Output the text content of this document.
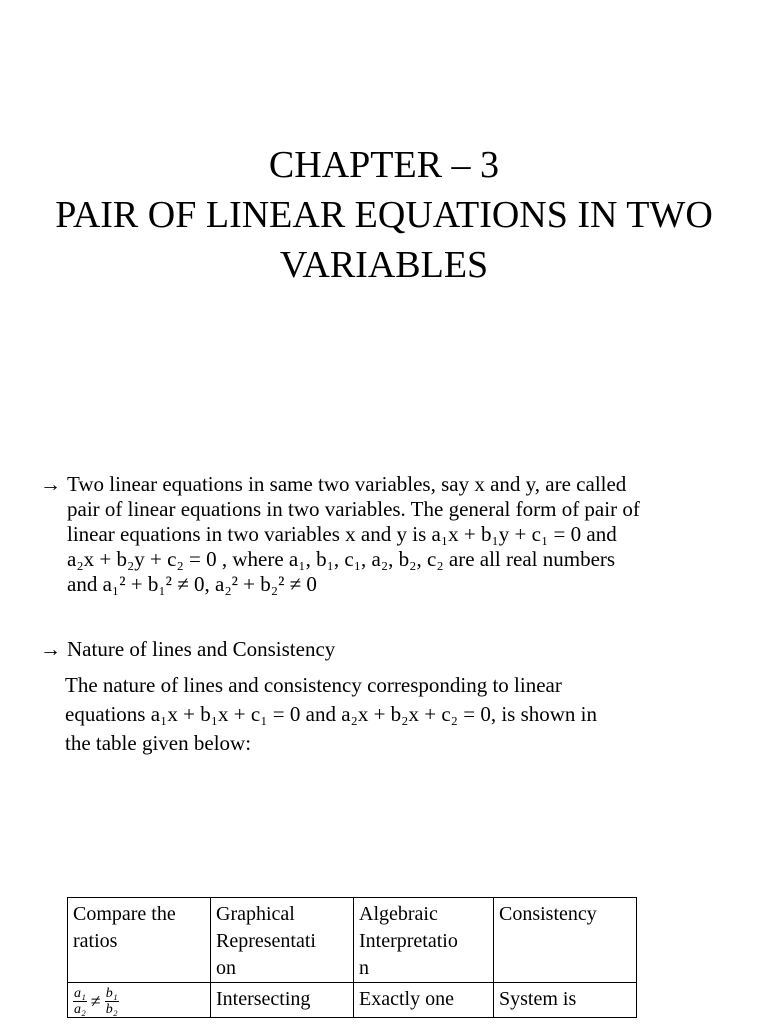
CHAPTER – 3
PAIR OF LINEAR EQUATIONS IN TWO
VARIABLES
→ Two linear equations in same two variables, say x and y, are called
pair of linear equations in two variables. The general form of pair of
linear equations in two variables x and y is a₁x + b₁y + c₁ = 0 and
a₂x + b₂y + c₂ = 0 , where a₁, b₁, c₁, a₂, b₂, c₂ are all real numbers
and a₁² + b₁² ≠ 0, a₂² + b₂² ≠ 0
→ Nature of lines and Consistency
The nature of lines and consistency corresponding to linear
equations a₁x + b₁x + c₁ = 0 and a₂x + b₂x + c₂ = 0, is shown in
the table given below:
Compare the
ratios	Graphical
Representati
on	Algebraic
Interpretatio
n	Consistency

$\frac{\text{a₁}}{\text{a₂}} \ne \frac{\text{b₁}}{\text{b₂}}$	Intersecting	Exactly one	System is
